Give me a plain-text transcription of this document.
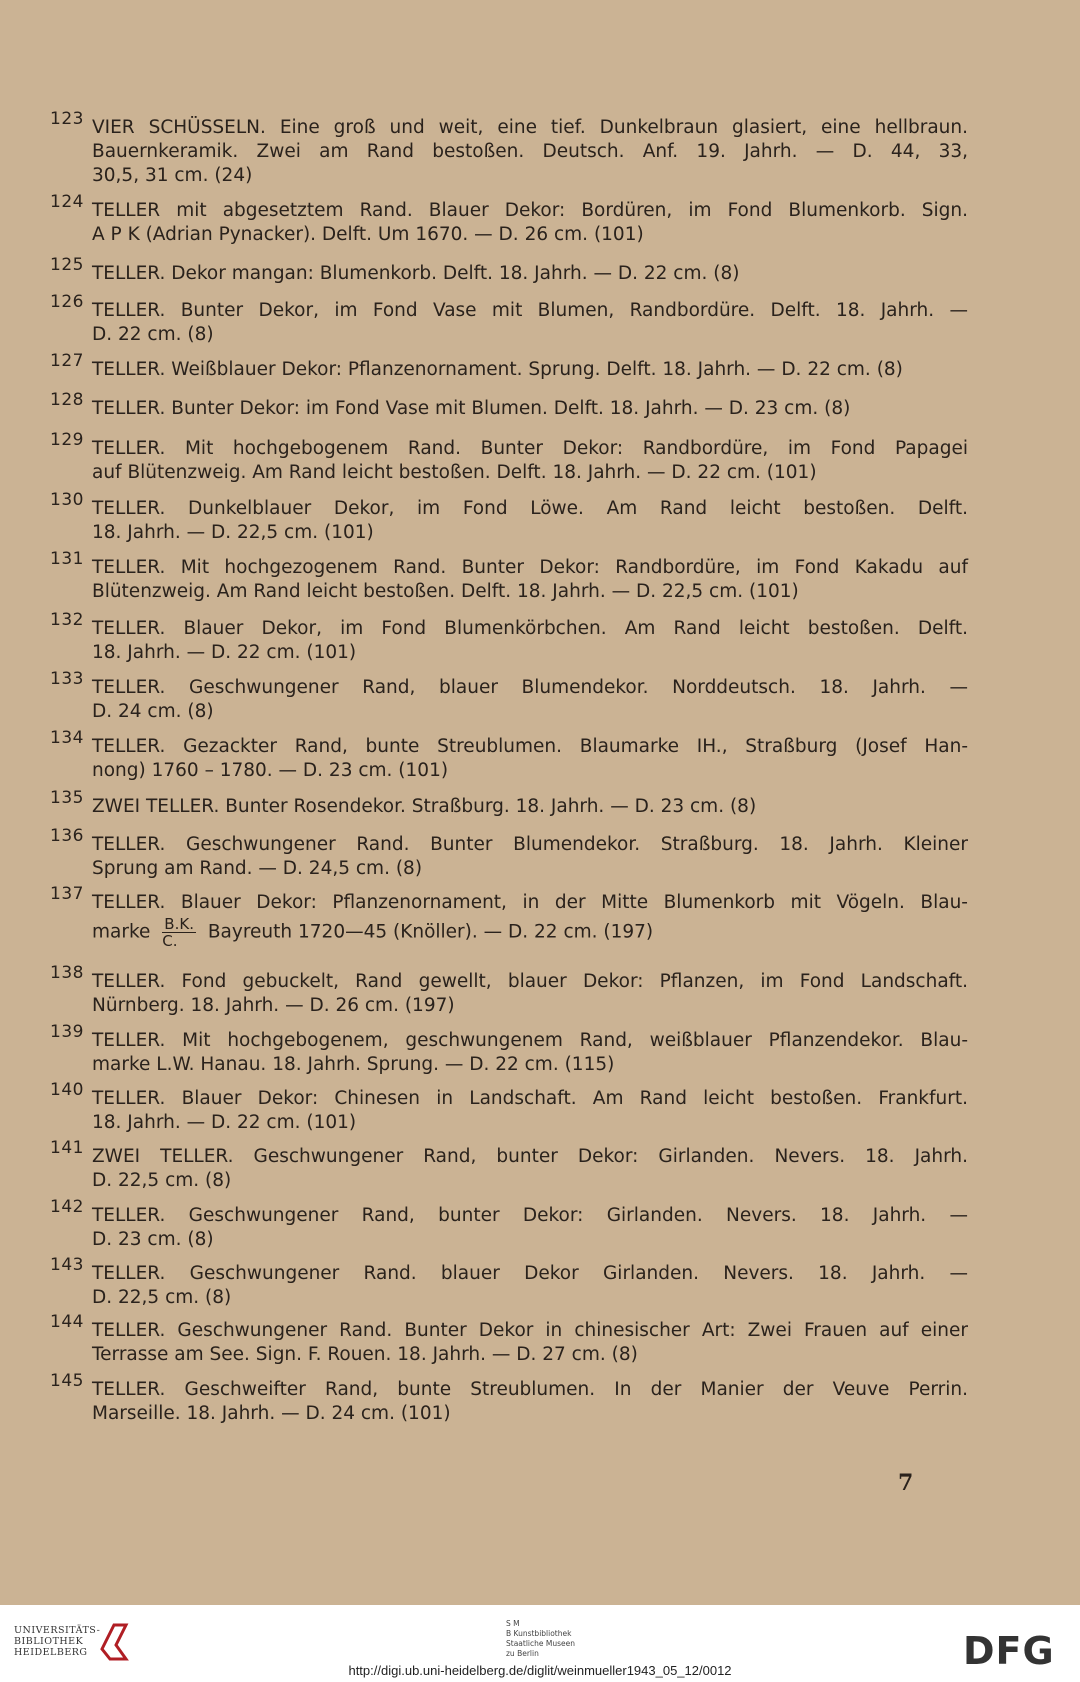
123 VIER SCHÜSSELN. Eine groß und weit, eine tief. Dunkelbraun glasiert, eine hellbraun.
Bauernkeramik. Zwei am Rand bestoßen. Deutsch. Anf. 19. Jahrh. — D. 44, 33,
30,5, 31 cm. (24)
124 TELLER mit abgesetztem Rand. Blauer Dekor: Bordüren, im Fond Blumenkorb. Sign.
A P K (Adrian Pynacker). Delft. Um 1670. — D. 26 cm. (101)
125 TELLER. Dekor mangan: Blumenkorb. Delft. 18. Jahrh. — D. 22 cm. (8)
126 TELLER. Bunter Dekor, im Fond Vase mit Blumen, Randbordüre. Delft. 18. Jahrh. —
D. 22 cm. (8)
127 TELLER. Weißblauer Dekor: Pflanzenornament. Sprung. Delft. 18. Jahrh. — D. 22 cm. (8)
128 TELLER. Bunter Dekor: im Fond Vase mit Blumen. Delft. 18. Jahrh. — D. 23 cm. (8)
129 TELLER. Mit hochgebogenem Rand. Bunter Dekor: Randbordüre, im Fond Papagei
auf Blütenzweig. Am Rand leicht bestoßen. Delft. 18. Jahrh. — D. 22 cm. (101)
130 TELLER. Dunkelblauer Dekor, im Fond Löwe. Am Rand leicht bestoßen. Delft.
18. Jahrh. — D. 22,5 cm. (101)
131 TELLER. Mit hochgezogenem Rand. Bunter Dekor: Randbordüre, im Fond Kakadu auf
Blütenzweig. Am Rand leicht bestoßen. Delft. 18. Jahrh. — D. 22,5 cm. (101)
132 TELLER. Blauer Dekor, im Fond Blumenkörbchen. Am Rand leicht bestoßen. Delft.
18. Jahrh. — D. 22 cm. (101)
133 TELLER. Geschwungener Rand, blauer Blumendekor. Norddeutsch. 18. Jahrh. —
D. 24 cm. (8)
134 TELLER. Gezackter Rand, bunte Streublumen. Blaumarke IH., Straßburg (Josef Han-
nong) 1760 – 1780. — D. 23 cm. (101)
135 ZWEI TELLER. Bunter Rosendekor. Straßburg. 18. Jahrh. — D. 23 cm. (8)
136 TELLER. Geschwungener Rand. Bunter Blumendekor. Straßburg. 18. Jahrh. Kleiner
Sprung am Rand. — D. 24,5 cm. (8)
137 TELLER. Blauer Dekor: Pflanzenornament, in der Mitte Blumenkorb mit Vögeln. Blau-
marke $\frac{B.K.}{C.}$ Bayreuth 1720—45 (Knöller). — D. 22 cm. (197)
138 TELLER. Fond gebuckelt, Rand gewellt, blauer Dekor: Pflanzen, im Fond Landschaft.
Nürnberg. 18. Jahrh. — D. 26 cm. (197)
139 TELLER. Mit hochgebogenem, geschwungenem Rand, weißblauer Pflanzendekor. Blau-
marke L.W. Hanau. 18. Jahrh. Sprung. — D. 22 cm. (115)
140 TELLER. Blauer Dekor: Chinesen in Landschaft. Am Rand leicht bestoßen. Frankfurt.
18. Jahrh. — D. 22 cm. (101)
141 ZWEI TELLER. Geschwungener Rand, bunter Dekor: Girlanden. Nevers. 18. Jahrh.
D. 22,5 cm. (8)
142 TELLER. Geschwungener Rand, bunter Dekor: Girlanden. Nevers. 18. Jahrh. —
D. 23 cm. (8)
143 TELLER. Geschwungener Rand. blauer Dekor Girlanden. Nevers. 18. Jahrh. —
D. 22,5 cm. (8)
144 TELLER. Geschwungener Rand. Bunter Dekor in chinesischer Art: Zwei Frauen auf einer
Terrasse am See. Sign. F. Rouen. 18. Jahrh. — D. 27 cm. (8)
145 TELLER. Geschweifter Rand, bunte Streublumen. In der Manier der Veuve Perrin.
Marseille. 18. Jahrh. — D. 24 cm. (101)
7
UNIVERSITÄTS-
BIBLIOTHEK
HEIDELBERG
S M
B Kunstbibliothek
Staatliche Museen
zu Berlin	DFG
http://digi.ub.uni-heidelberg.de/diglit/weinmueller1943_05_12/0012
